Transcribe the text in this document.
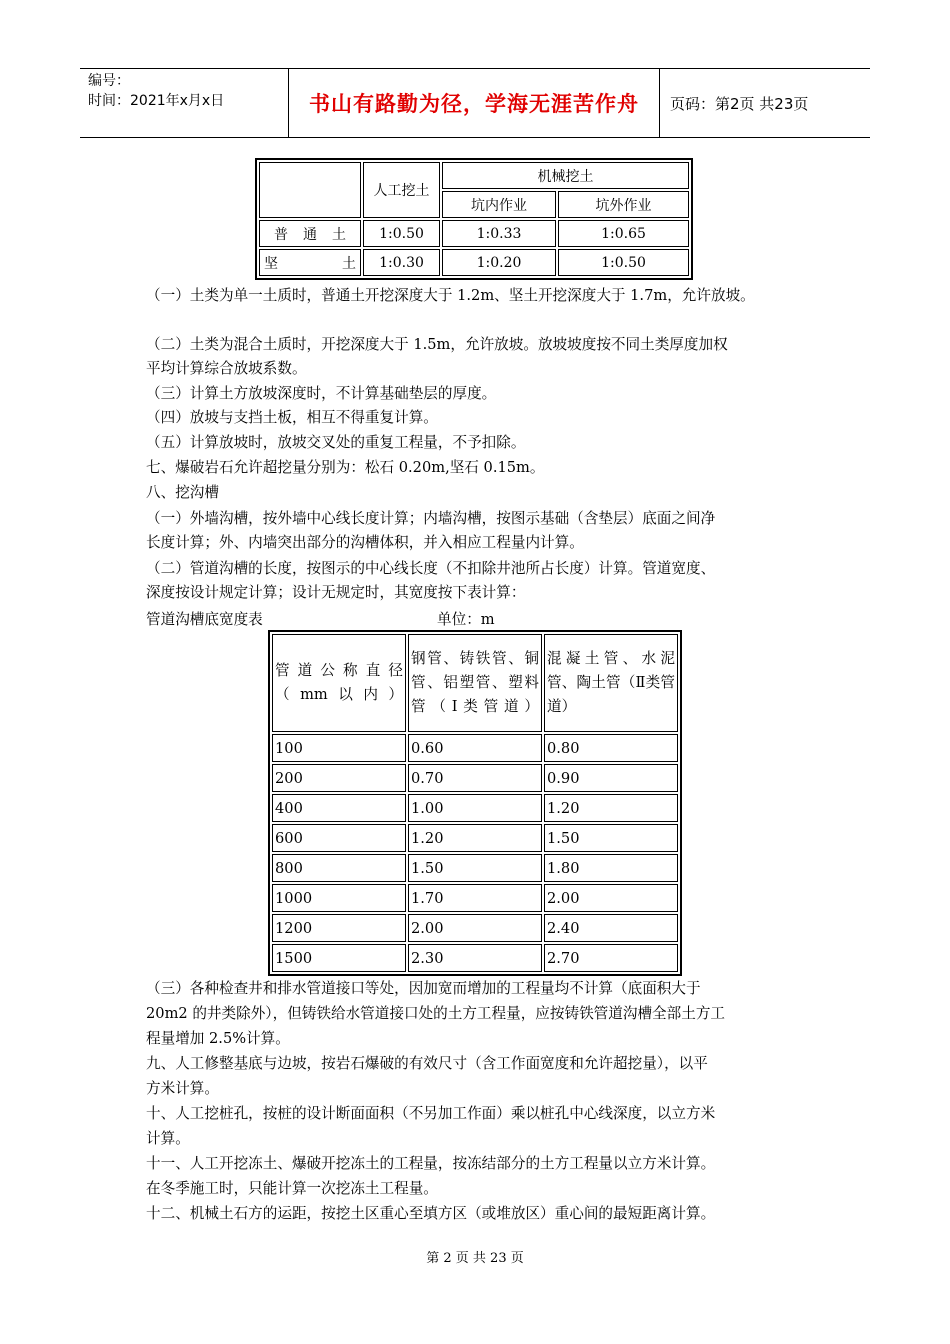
编号：
时间：2021年x月x日	书山有路勤为径，学海无涯苦作舟	页码：第2页 共23页
	人工挖土	机械挖土	
		坑内作业	坑外作业
普 通 土	1:0.50	1:0.33	1:0.65
坚 土	1:0.30	1:0.20	1:0.50
（一）土类为单一土质时，普通土开挖深度大于 1.2m、坚土开挖深度大于 1.7m，允许放坡。
（二）土类为混合土质时，开挖深度大于 1.5m，允许放坡。放坡坡度按不同土类厚度加权
平均计算综合放坡系数。
（三）计算土方放坡深度时，不计算基础垫层的厚度。
（四）放坡与支挡土板，相互不得重复计算。
（五）计算放坡时，放坡交叉处的重复工程量，不予扣除。
七、爆破岩石允许超挖量分别为：松石 0.20m,坚石 0.15m。
八、挖沟槽
（一）外墙沟槽，按外墙中心线长度计算；内墙沟槽，按图示基础（含垫层）底面之间净
长度计算；外、内墙突出部分的沟槽体积，并入相应工程量内计算。
（二）管道沟槽的长度，按图示的中心线长度（不扣除井池所占长度）计算。管道宽度、
深度按设计规定计算；设计无规定时，其宽度按下表计算：
管道沟槽底宽度表	单位：m
管道公称直径（mm以内）	钢管、铸铁管、铜管、铝塑管、塑料管（Ⅰ类管道）	混凝土管、水泥管、陶土管（Ⅱ类管道）
100	0.60	0.80
200	0.70	0.90
400	1.00	1.20
600	1.20	1.50
800	1.50	1.80
1000	1.70	2.00
1200	2.00	2.40
1500	2.30	2.70
（三）各种检查井和排水管道接口等处，因加宽而增加的工程量均不计算（底面积大于
20m2 的井类除外），但铸铁给水管道接口处的土方工程量，应按铸铁管道沟槽全部土方工
程量增加 2.5%计算。
九、人工修整基底与边坡，按岩石爆破的有效尺寸（含工作面宽度和允许超挖量），以平
方米计算。
十、人工挖桩孔，按桩的设计断面面积（不另加工作面）乘以桩孔中心线深度，以立方米
计算。
十一、人工开挖冻土、爆破开挖冻土的工程量，按冻结部分的土方工程量以立方米计算。
在冬季施工时，只能计算一次挖冻土工程量。
十二、机械土石方的运距，按挖土区重心至填方区（或堆放区）重心间的最短距离计算。
第 2 页 共 23 页
